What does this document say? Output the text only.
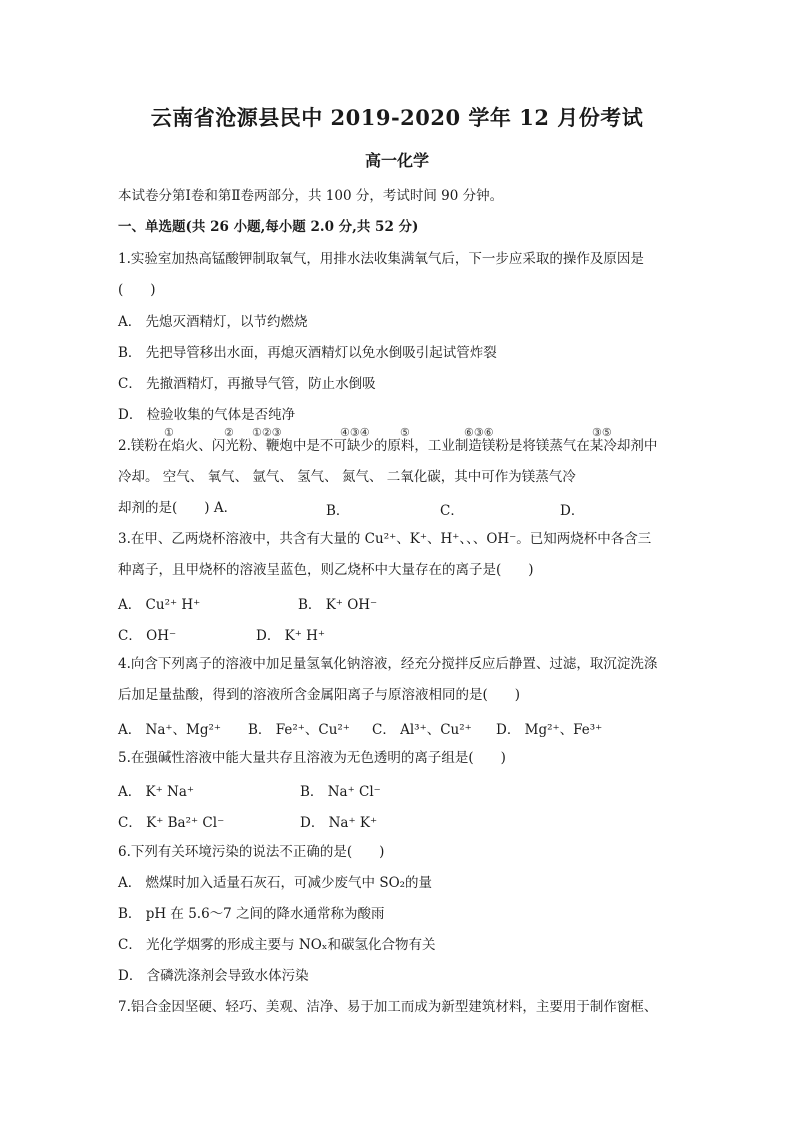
云南省沧源县民中 2019-2020 学年 12 月份考试
高一化学
本试卷分第Ⅰ卷和第Ⅱ卷两部分，共 100 分，考试时间 90 分钟。
一、单选题(共 26 小题,每小题 2.0 分,共 52 分)
1.实验室加热高锰酸钾制取氧气，用排水法收集满氧气后，下一步应采取的操作及原因是
(　　)
A． 先熄灭酒精灯，以节约燃烧
B． 先把导管移出水面，再熄灭酒精灯以免水倒吸引起试管炸裂
C． 先撤酒精灯，再撤导气管，防止水倒吸
D． 检验收集的气体是否纯净
①	② ①②③	④③④	⑤	⑥③⑥	③⑤
2.镁粉在焰火、闪光粉、鞭炮中是不可缺少的原料，工业制造镁粉是将镁蒸气在某冷却剂中
冷却。 空气、 氧气、 氩气、 氢气、 氮气、 二氧化碳，其中可作为镁蒸气冷
却剂的是(　　) A．	B．	C．	D．
3.在甲、乙两烧杯溶液中，共含有大量的 Cu²⁺、K⁺、H⁺、、、OH⁻。已知两烧杯中各含三
种离子，且甲烧杯的溶液呈蓝色，则乙烧杯中大量存在的离子是(　　)
A． Cu²⁺ H⁺	B． K⁺ OH⁻
C． OH⁻	D． K⁺ H⁺
4.向含下列离子的溶液中加足量氢氧化钠溶液，经充分搅拌反应后静置、过滤，取沉淀洗涤
后加足量盐酸，得到的溶液所含金属阳离子与原溶液相同的是(　　)
A． Na⁺、Mg²⁺ B． Fe²⁺、Cu²⁺ C． Al³⁺、Cu²⁺ D． Mg²⁺、Fe³⁺
5.在强碱性溶液中能大量共存且溶液为无色透明的离子组是(　　)
A． K⁺ Na⁺	B． Na⁺ Cl⁻
C． K⁺ Ba²⁺ Cl⁻	D． Na⁺ K⁺
6.下列有关环境污染的说法不正确的是(　　)
A． 燃煤时加入适量石灰石，可减少废气中 SO₂的量
B． pH 在 5.6～7 之间的降水通常称为酸雨
C． 光化学烟雾的形成主要与 NOₓ和碳氢化合物有关
D． 含磷洗涤剂会导致水体污染
7.铝合金因坚硬、轻巧、美观、洁净、易于加工而成为新型建筑材料，主要用于制作窗框、
